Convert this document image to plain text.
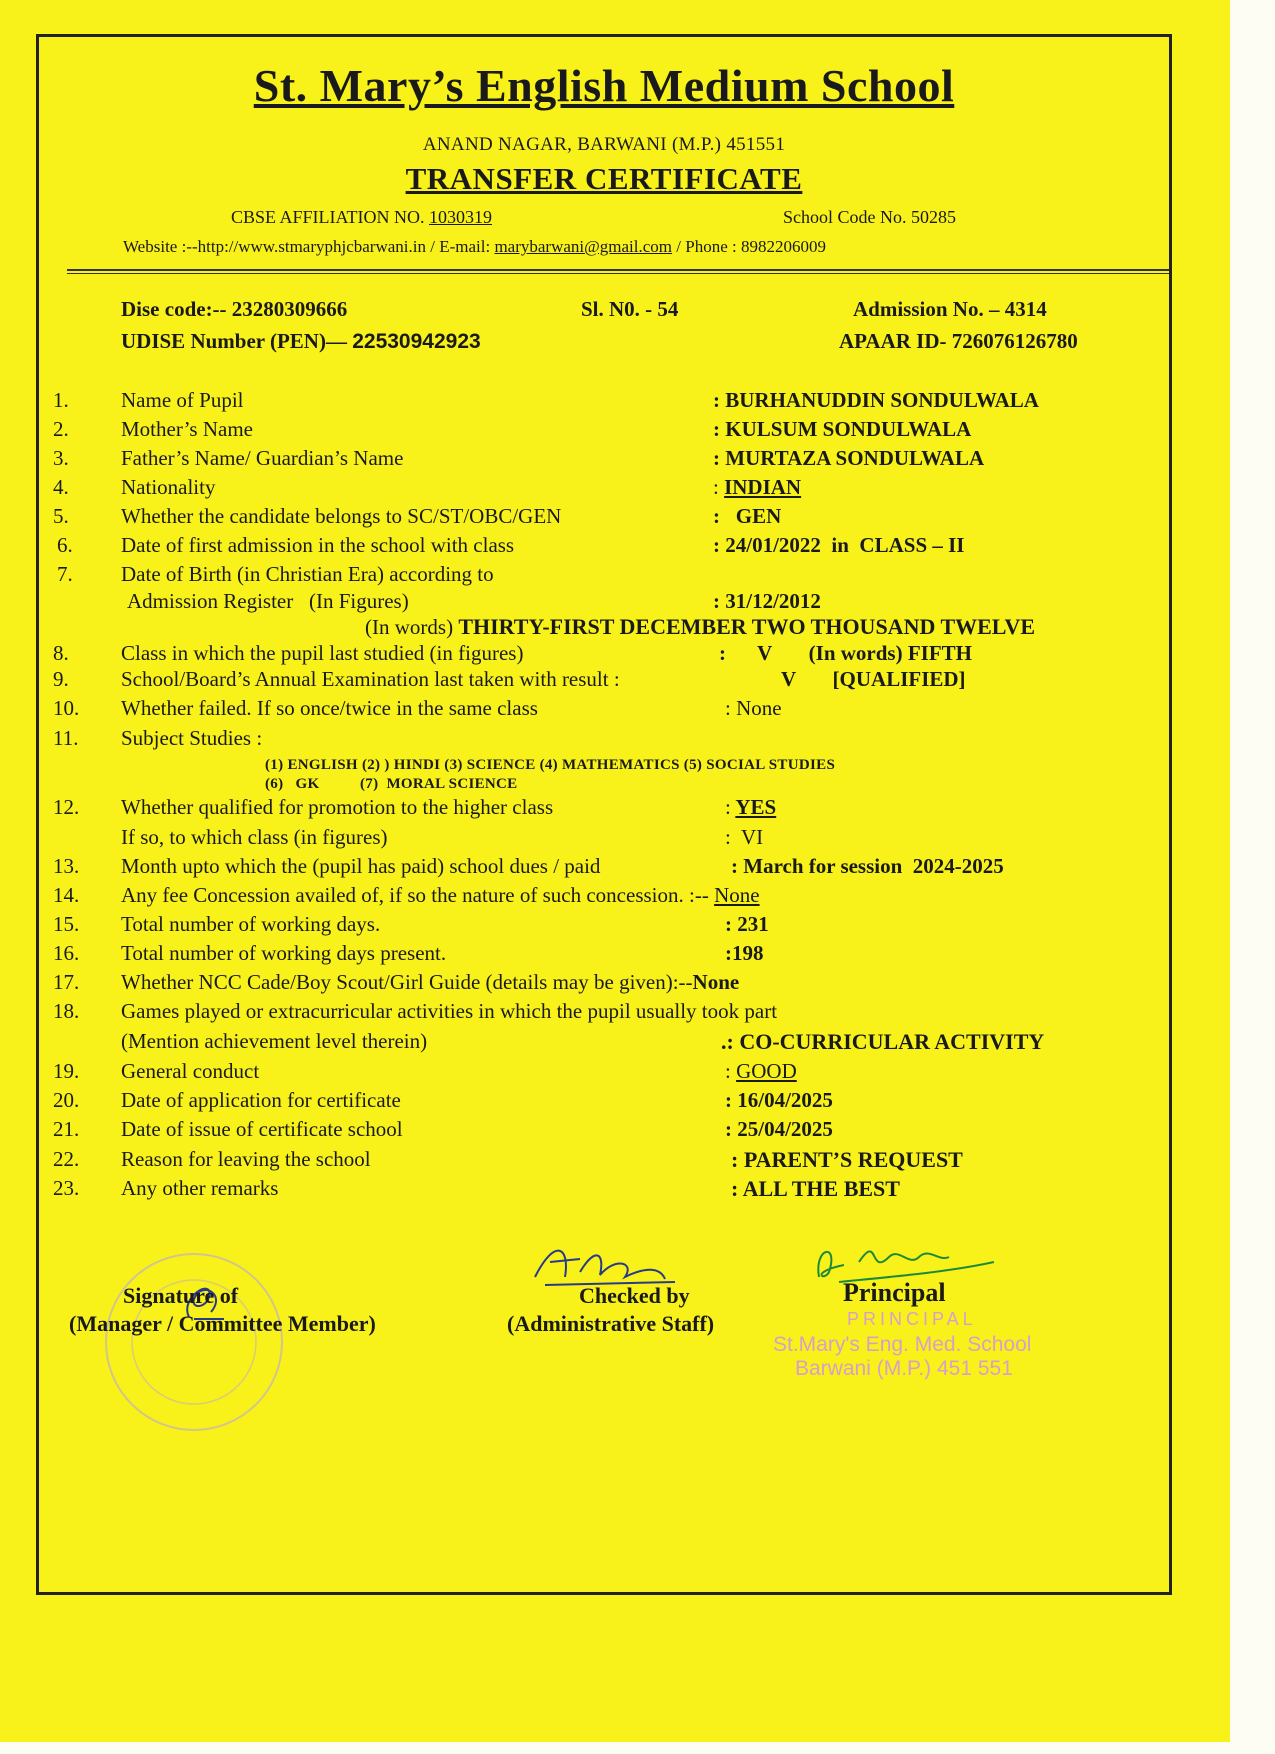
St. Mary’s English Medium School
ANAND NAGAR, BARWANI (M.P.) 451551
TRANSFER CERTIFICATE
CBSE AFFILIATION NO. 1030319	School Code No. 50285
Website :--http://www.stmaryphjcbarwani.in / E-mail: marybarwani@gmail.com / Phone : 8982206009
Dise code:-- 23280309666	Sl. N0. - 54	Admission No. – 4314
UDISE Number (PEN)— 22530942923	APAAR ID- 726076126780
1.	Name of Pupil	: BURHANUDDIN SONDULWALA
2.	Mother’s Name	: KULSUM SONDULWALA
3.	Father’s Name/ Guardian’s Name	: MURTAZA SONDULWALA
4.	Nationality	: INDIAN
5.	Whether the candidate belongs to SC/ST/OBC/GEN	:   GEN
6.	Date of first admission in the school with class	: 24/01/2022  in  CLASS – II
7.	Date of Birth (in Christian Era) according to
Admission Register   (In Figures)	: 31/12/2012
(In words) THIRTY-FIRST DECEMBER TWO THOUSAND TWELVE
8.	Class in which the pupil last studied (in figures)	:      V       (In words) FIFTH
9.	School/Board’s Annual Examination last taken with result :	V       [QUALIFIED]
10.	Whether failed. If so once/twice in the same class	: None
11.	Subject Studies :
(1) ENGLISH (2) ) HINDI (3) SCIENCE (4) MATHEMATICS (5) SOCIAL STUDIES
(6)   GK          (7)  MORAL SCIENCE
12.	Whether qualified for promotion to the higher class	: YES
If so, to which class (in figures)	:  VI
13.	Month upto which the (pupil has paid) school dues / paid	: March for session  2024-2025
14.	Any fee Concession availed of, if so the nature of such concession. :-- None
15.	Total number of working days.	: 231
16.	Total number of working days present.	:198
17.	Whether NCC Cade/Boy Scout/Girl Guide (details may be given):--None
18.	Games played or extracurricular activities in which the pupil usually took part
(Mention achievement level therein)	.: CO-CURRICULAR ACTIVITY
19.	General conduct	: GOOD
20.	Date of application for certificate	: 16/04/2025
21.	Date of issue of certificate school	: 25/04/2025
22.	Reason for leaving the school	: PARENT’S REQUEST
23.	Any other remarks	: ALL THE BEST
Signature of
(Manager / Committee Member)
Checked by
(Administrative Staff)
Principal
PRINCIPAL
St.Mary's Eng. Med. School
Barwani (M.P.) 451 551
